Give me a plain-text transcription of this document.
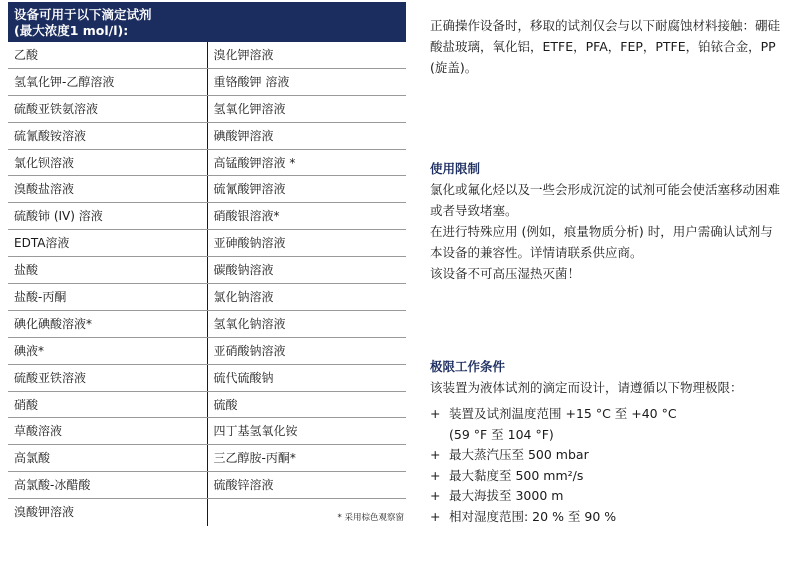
设备可用于以下滴定试剂
(最大浓度1 mol/l):
乙酸	溴化钾溶液
氢氧化钾-乙醇溶液	重铬酸钾 溶液
硫酸亚铁氨溶液	氢氧化钾溶液
硫氰酸铵溶液	碘酸钾溶液
氯化钡溶液	高锰酸钾溶液 *
溴酸盐溶液	硫氰酸钾溶液
硫酸铈 (IV) 溶液	硝酸银溶液*
EDTA溶液	亚砷酸钠溶液
盐酸	碳酸钠溶液
盐酸-丙酮	氯化钠溶液
碘化碘酸溶液*	氢氧化钠溶液
碘液*	亚硝酸钠溶液
硫酸亚铁溶液	硫代硫酸钠
硝酸	硫酸
草酸溶液	四丁基氢氧化铵
高氯酸	三乙醇胺-丙酮*
高氯酸-冰醋酸	硫酸锌溶液
溴酸钾溶液	* 采用棕色观察窗

正确操作设备时，移取的试剂仅会与以下耐腐蚀材料接触：硼硅酸盐玻璃，氧化铝，ETFE，PFA，FEP，PTFE，铂铱合金，PP (旋盖)。

使用限制

氯化或氟化烃以及一些会形成沉淀的试剂可能会使活塞移动困难或者导致堵塞。

在进行特殊应用 (例如，痕量物质分析) 时，用户需确认试剂与本设备的兼容性。详情请联系供应商。

该设备不可高压湿热灭菌！

极限工作条件

该装置为液体试剂的滴定而设计，请遵循以下物理极限：

+ 装置及试剂温度范围 +15 °C 至 +40 °C
(59 °F 至 104 °F)
+ 最大蒸汽压至 500 mbar
+ 最大黏度至 500 mm²/s
+ 最大海拔至 3000 m
+ 相对湿度范围: 20 % 至 90 %
